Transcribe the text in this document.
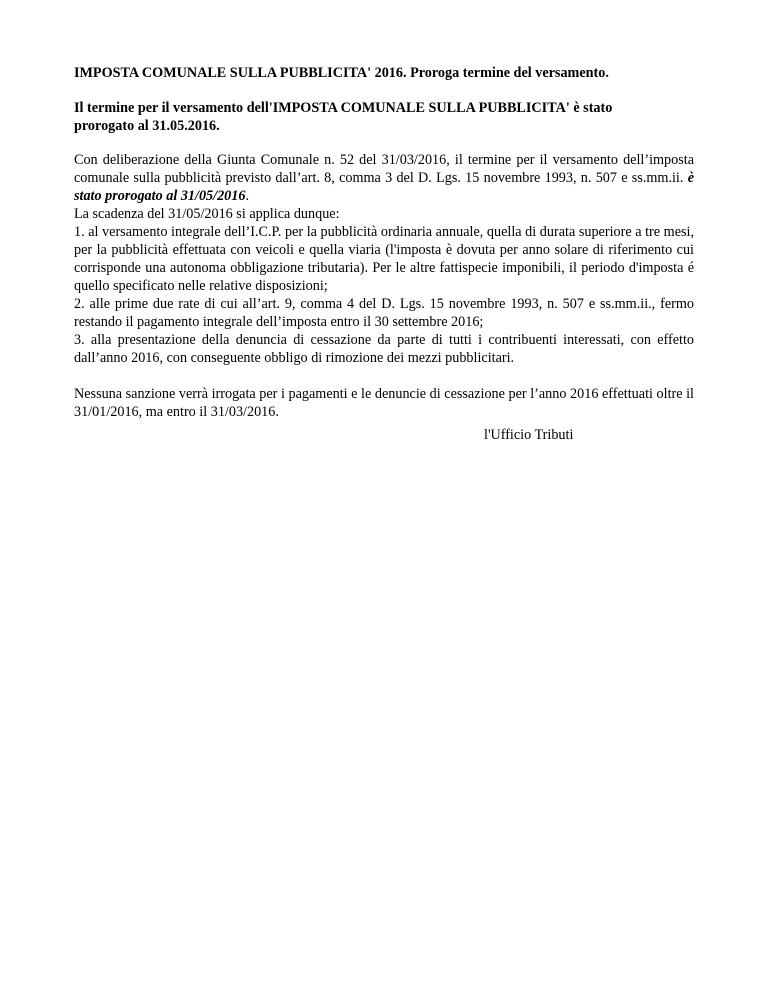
IMPOSTA COMUNALE SULLA PUBBLICITA' 2016. Proroga termine del versamento.
Il termine per il versamento dell'IMPOSTA COMUNALE SULLA PUBBLICITA' è stato prorogato al 31.05.2016.

Con deliberazione della Giunta Comunale n. 52 del 31/03/2016, il termine per il versamento dell’imposta comunale sulla pubblicità previsto dall’art. 8, comma 3 del D. Lgs. 15 novembre 1993, n. 507 e ss.mm.ii. è stato prorogato al 31/05/2016.

La scadenza del 31/05/2016 si applica dunque:

1. al versamento integrale dell’I.C.P. per la pubblicità ordinaria annuale, quella di durata superiore a tre mesi, per la pubblicità effettuata con veicoli e quella viaria (l'imposta è dovuta per anno solare di riferimento cui corrisponde una autonoma obbligazione tributaria). Per le altre fattispecie imponibili, il periodo d'imposta é quello specificato nelle relative disposizioni;

2. alle prime due rate di cui all’art. 9, comma 4 del D. Lgs. 15 novembre 1993, n. 507 e ss.mm.ii., fermo restando il pagamento integrale dell’imposta entro il 30 settembre 2016;

3. alla presentazione della denuncia di cessazione da parte di tutti i contribuenti interessati, con effetto dall’anno 2016, con conseguente obbligo di rimozione dei mezzi pubblicitari.

Nessuna sanzione verrà irrogata per i pagamenti e le denuncie di cessazione per l’anno 2016 effettuati oltre il 31/01/2016, ma entro il 31/03/2016.

l'Ufficio Tributi
